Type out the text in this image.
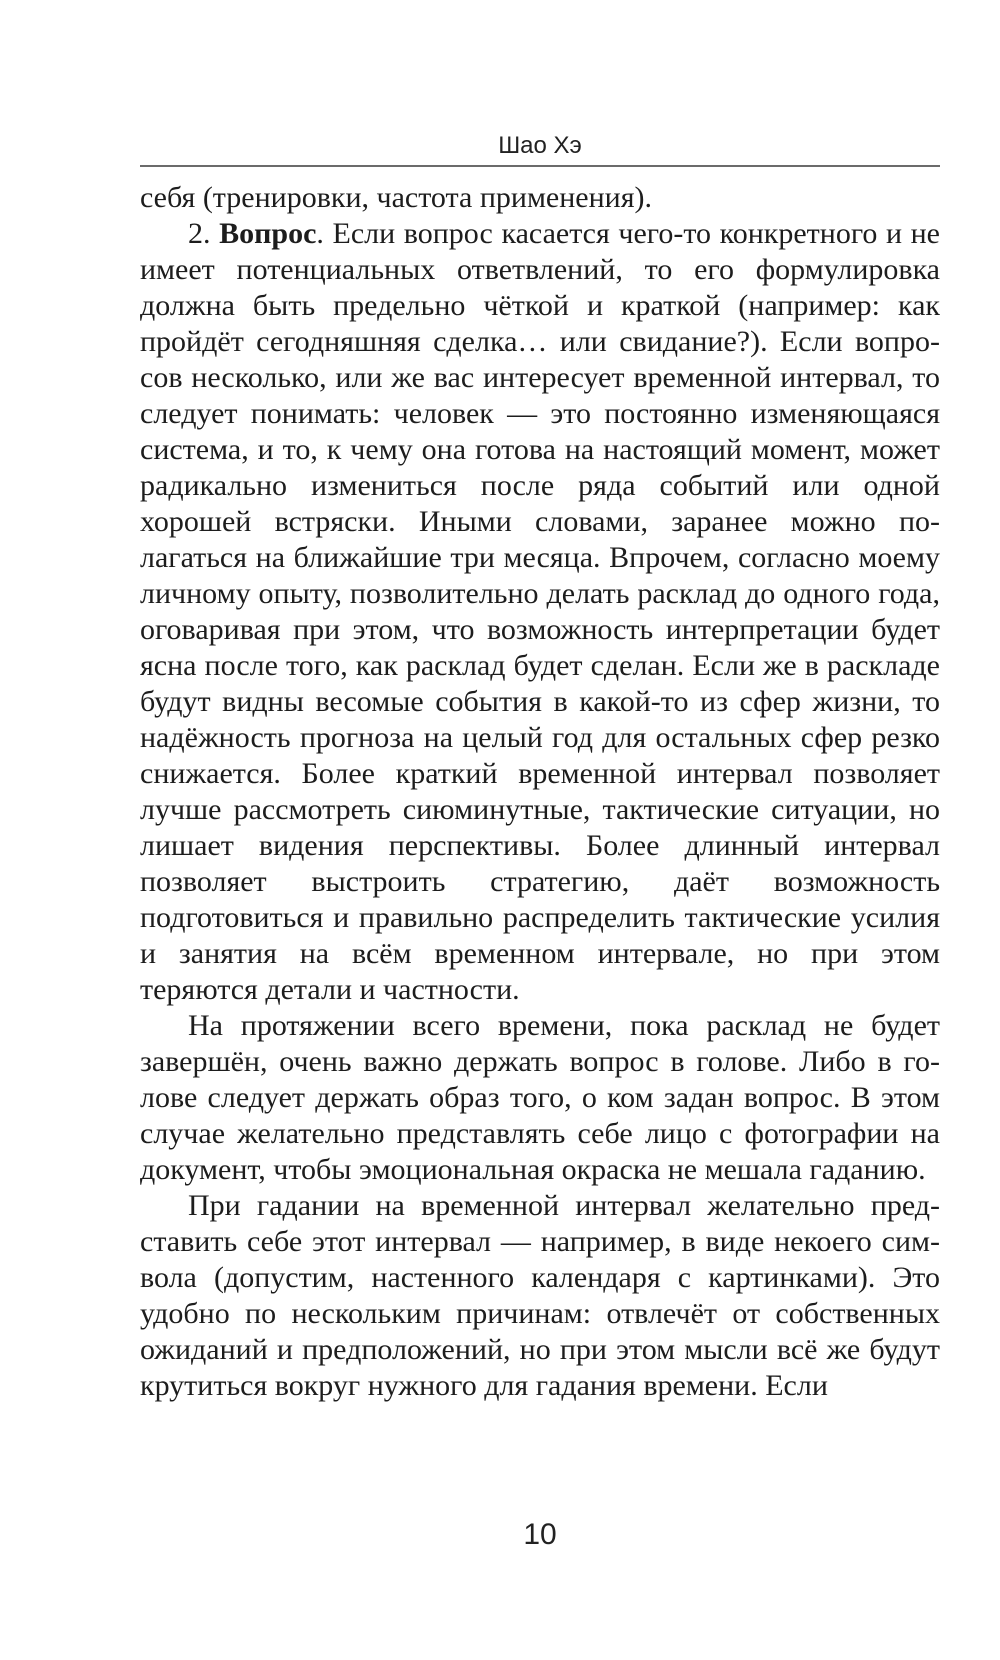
Шао Хэ

себя (тренировки, частота применения).

2. Вопрос. Если вопрос касается чего-то конкретного и не имеет потенциальных ответвлений, то его формулировка должна быть предельно чёткой и краткой (например: как пройдёт сегодняшняя сделка… или свидание?). Если вопросов несколько, или же вас интересует временной интервал, то следует понимать: человек — это постоянно изменяющаяся система, и то, к чему она готова на настоящий момент, может радикально измениться после ряда событий или одной хорошей встряски. Иными словами, заранее можно полагаться на ближайшие три месяца. Впрочем, согласно моему личному опыту, позволительно делать расклад до одного года, оговаривая при этом, что возможность интерпретации будет ясна после того, как расклад будет сделан. Если же в раскладе будут видны весомые события в какой-то из сфер жизни, то надёжность прогноза на целый год для остальных сфер резко снижается. Более краткий временной интервал позволяет лучше рассмотреть сиюминутные, тактические ситуации, но лишает видения перспективы. Более длинный интервал позволяет выстроить стратегию, даёт возможность подготовиться и правильно распределить тактические усилия и занятия на всём временном интервале, но при этом теряются детали и частности.

На протяжении всего времени, пока расклад не будет завершён, очень важно держать вопрос в голове. Либо в голове следует держать образ того, о ком задан вопрос. В этом случае желательно представлять себе лицо с фотографии на документ, чтобы эмоциональная окраска не мешала гаданию.

При гадании на временной интервал желательно представить себе этот интервал — например, в виде некоего символа (допустим, настенного календаря с картинками). Это удобно по нескольким причинам: отвлечёт от собственных ожиданий и предположений, но при этом мысли всё же будут крутиться вокруг нужного для гадания времени. Если

10
